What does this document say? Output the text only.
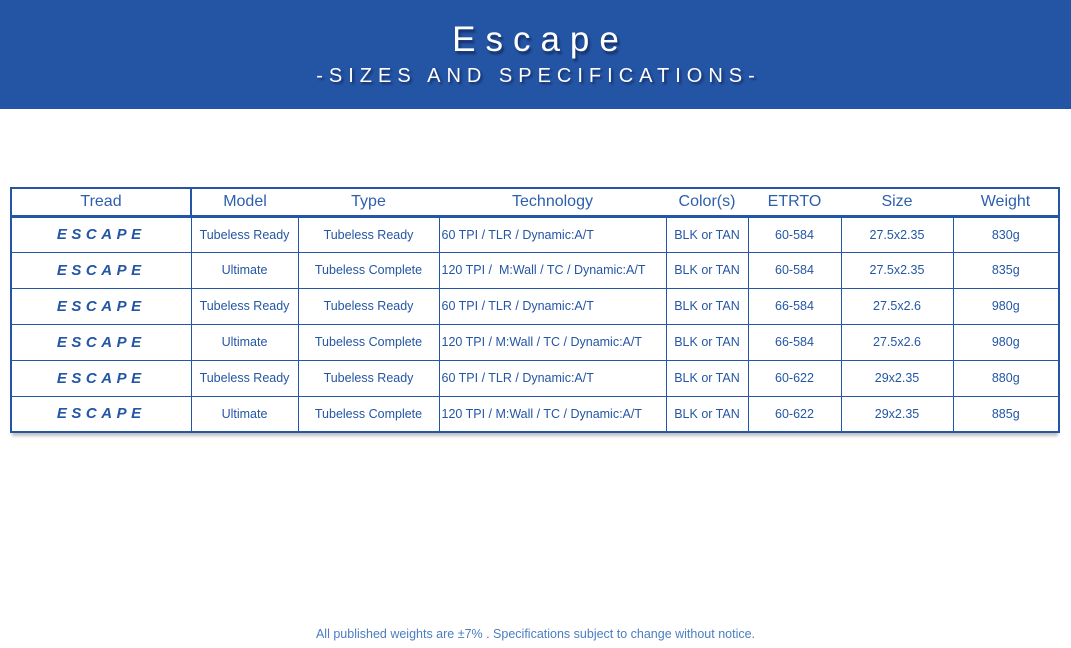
Escape
-SIZES AND SPECIFICATIONS-
Tread	Model	Type	Technology	Color(s)	ETRTO	Size	Weight
ESCAPE	Tubeless Ready	Tubeless Ready	60 TPI / TLR / Dynamic:A/T	BLK or TAN	60-584	27.5x2.35	830g
ESCAPE	Ultimate	Tubeless Complete	120 TPI /  M:Wall / TC / Dynamic:A/T	BLK or TAN	60-584	27.5x2.35	835g
ESCAPE	Tubeless Ready	Tubeless Ready	60 TPI / TLR / Dynamic:A/T	BLK or TAN	66-584	27.5x2.6	980g
ESCAPE	Ultimate	Tubeless Complete	120 TPI / M:Wall / TC / Dynamic:A/T	BLK or TAN	66-584	27.5x2.6	980g
ESCAPE	Tubeless Ready	Tubeless Ready	60 TPI / TLR / Dynamic:A/T	BLK or TAN	60-622	29x2.35	880g
ESCAPE	Ultimate	Tubeless Complete	120 TPI / M:Wall / TC / Dynamic:A/T	BLK or TAN	60-622	29x2.35	885g
All published weights are ±7% . Specifications subject to change without notice.
